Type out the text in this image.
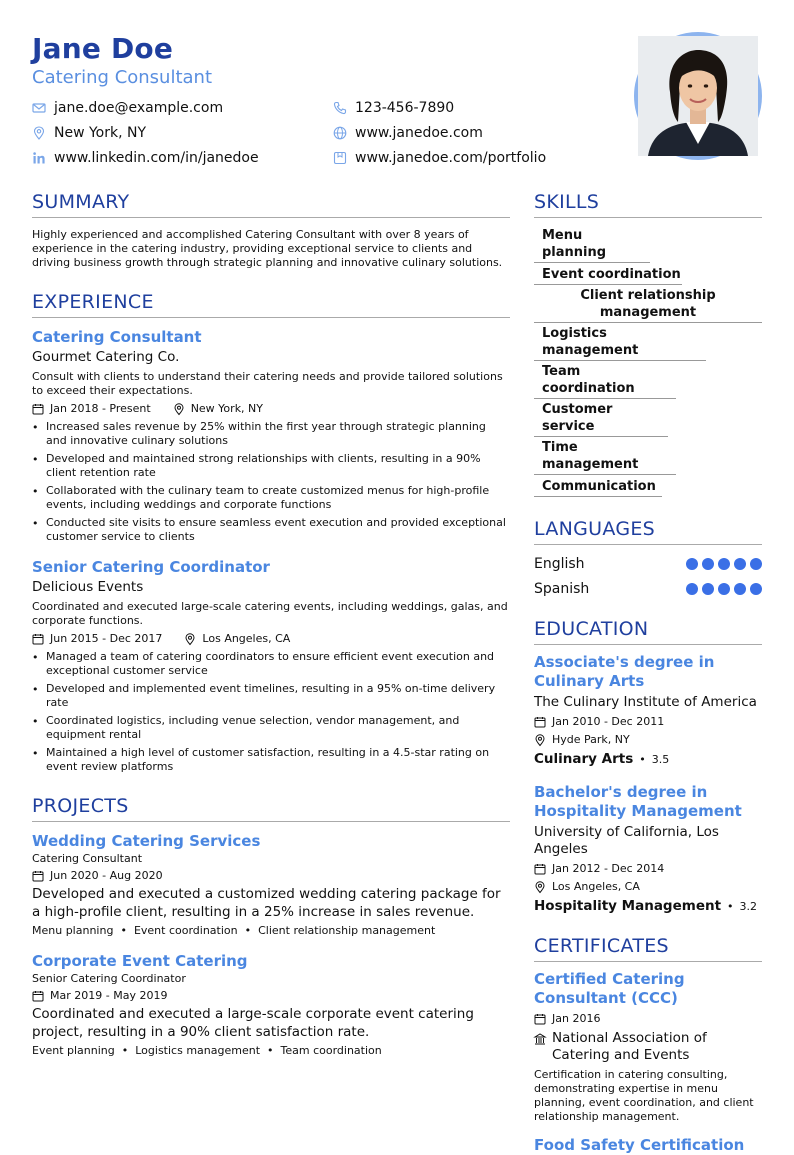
Jane Doe
Catering Consultant
jane.doe@example.com	123-456-7890
New York, NY	www.janedoe.com
www.linkedin.com/in/janedoe	www.janedoe.com/portfolio
SUMMARY
Highly experienced and accomplished Catering Consultant with over 8 years of experience in the catering industry, providing exceptional service to clients and driving business growth through strategic planning and innovative culinary solutions.
EXPERIENCE
Catering Consultant
Gourmet Catering Co.
Consult with clients to understand their catering needs and provide tailored solutions to exceed their expectations.
Jan 2018 - Present	New York, NY
• Increased sales revenue by 25% within the first year through strategic planning and innovative culinary solutions
• Developed and maintained strong relationships with clients, resulting in a 90% client retention rate
• Collaborated with the culinary team to create customized menus for high-profile events, including weddings and corporate functions
• Conducted site visits to ensure seamless event execution and provided exceptional customer service to clients
Senior Catering Coordinator
Delicious Events
Coordinated and executed large-scale catering events, including weddings, galas, and corporate functions.
Jun 2015 - Dec 2017	Los Angeles, CA
• Managed a team of catering coordinators to ensure efficient event execution and exceptional customer service
• Developed and implemented event timelines, resulting in a 95% on-time delivery rate
• Coordinated logistics, including venue selection, vendor management, and equipment rental
• Maintained a high level of customer satisfaction, resulting in a 4.5-star rating on event review platforms
PROJECTS
Wedding Catering Services
Catering Consultant
Jun 2020 - Aug 2020
Developed and executed a customized wedding catering package for a high-profile client, resulting in a 25% increase in sales revenue.
Menu planning • Event coordination • Client relationship management
Corporate Event Catering
Senior Catering Coordinator
Mar 2019 - May 2019
Coordinated and executed a large-scale corporate event catering project, resulting in a 90% client satisfaction rate.
Event planning • Logistics management • Team coordination
SKILLS
Menu planning
Event coordination
Client relationship management
Logistics management
Team coordination
Customer service
Time management
Communication
LANGUAGES
English
Spanish
EDUCATION
Associate's degree in Culinary Arts
The Culinary Institute of America
Jan 2010 - Dec 2011
Hyde Park, NY
Culinary Arts • 3.5
Bachelor's degree in Hospitality Management
University of California, Los Angeles
Jan 2012 - Dec 2014
Los Angeles, CA
Hospitality Management • 3.2
CERTIFICATES
Certified Catering Consultant (CCC)
Jan 2016
National Association of Catering and Events
Certification in catering consulting, demonstrating expertise in menu planning, event coordination, and client relationship management.
Food Safety Certification
